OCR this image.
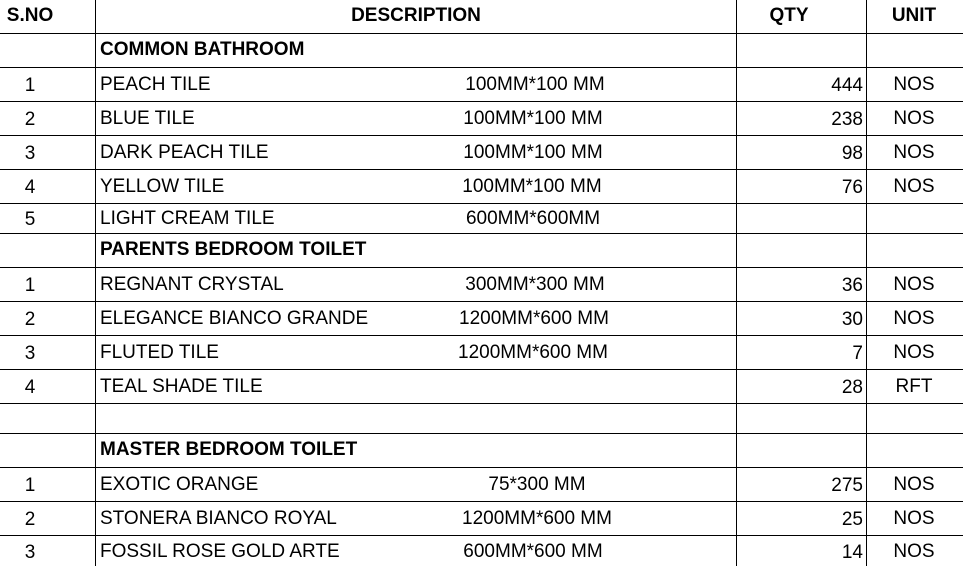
S.NO	DESCRIPTION	QTY	UNIT
COMMON BATHROOM
1	PEACH TILE	100MM*100 MM	444	NOS
2	BLUE TILE	100MM*100 MM	238	NOS
3	DARK PEACH TILE	100MM*100 MM	98	NOS
4	YELLOW TILE	100MM*100 MM	76	NOS
5	LIGHT CREAM TILE	600MM*600MM
PARENTS BEDROOM TOILET
1	REGNANT CRYSTAL	300MM*300 MM	36	NOS
2	ELEGANCE BIANCO GRANDE	1200MM*600 MM	30	NOS
3	FLUTED TILE	1200MM*600 MM	7	NOS
4	TEAL SHADE TILE	28	RFT
MASTER BEDROOM TOILET
1	EXOTIC ORANGE	75*300 MM	275	NOS
2	STONERA BIANCO ROYAL	1200MM*600 MM	25	NOS
3	FOSSIL ROSE GOLD ARTE	600MM*600 MM	14	NOS
